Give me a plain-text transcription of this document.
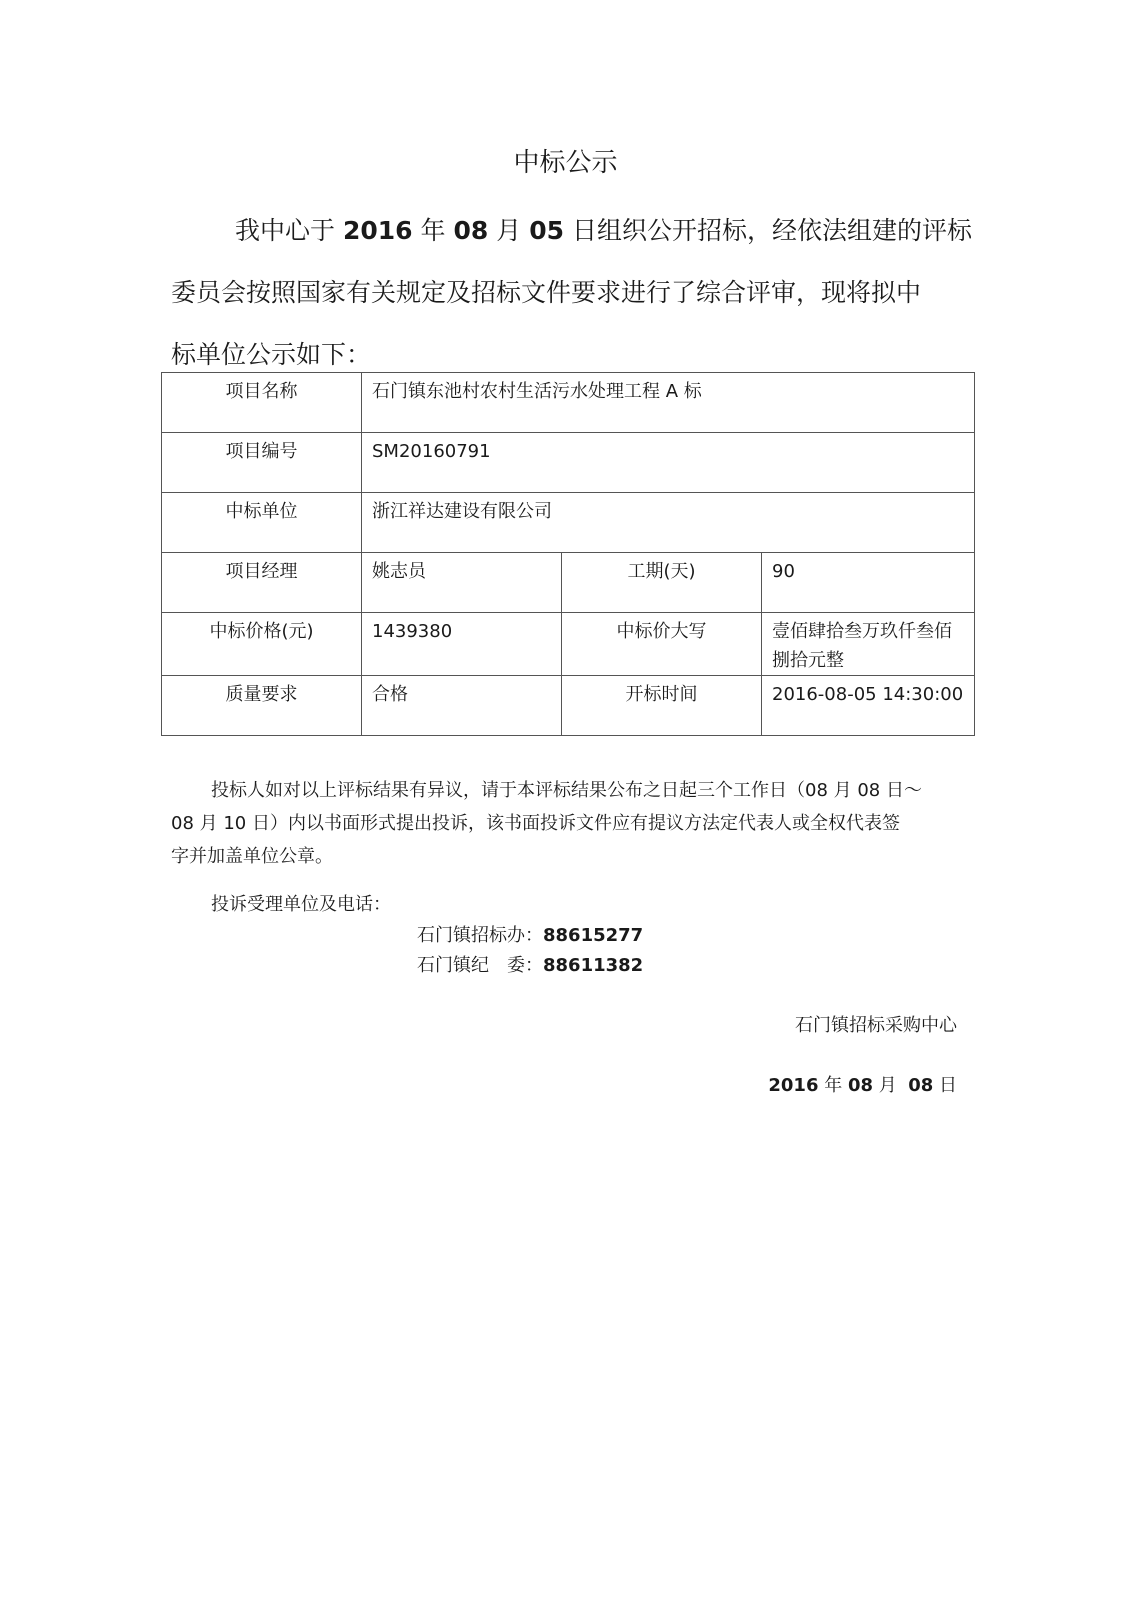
中标公示
我中心于 2016 年 08 月 05 日组织公开招标，经依法组建的评标
委员会按照国家有关规定及招标文件要求进行了综合评审，现将拟中
标单位公示如下：
项目名称	石门镇东池村农村生活污水处理工程 A 标		
项目编号	SM20160791		
中标单位	浙江祥达建设有限公司		
项目经理	姚志员	工期(天)	90
中标价格(元)	1439380	中标价大写	壹佰肆拾叁万玖仟叁佰捌拾元整
质量要求	合格	开标时间	2016-08-05 14:30:00
投标人如对以上评标结果有异议，请于本评标结果公布之日起三个工作日（08 月 08 日～
08 月 10 日）内以书面形式提出投诉，该书面投诉文件应有提议方法定代表人或全权代表签
字并加盖单位公章。
投诉受理单位及电话：
石门镇招标办：88615277
石门镇纪　委：88611382
石门镇招标采购中心
2016 年 08 月 08 日
